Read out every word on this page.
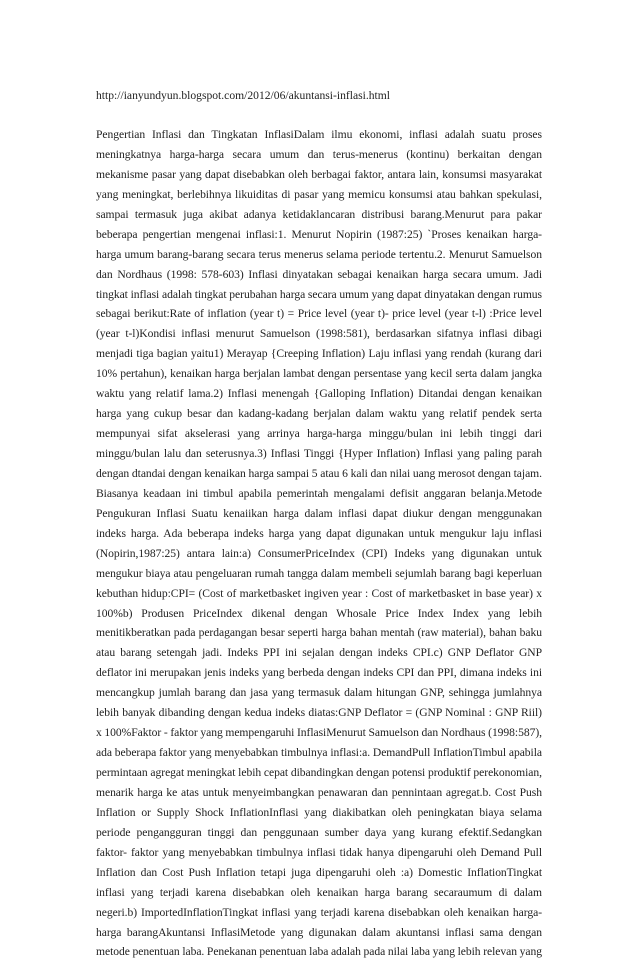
http://ianyundyun.blogspot.com/2012/06/akuntansi-inflasi.html
Pengertian Inflasi dan Tingkatan InflasiDalam ilmu ekonomi, inflasi adalah suatu proses meningkatnya harga-harga secara umum dan terus-menerus (kontinu) berkaitan dengan mekanisme pasar yang dapat disebabkan oleh berbagai faktor, antara lain, konsumsi masyarakat yang meningkat, berlebihnya likuiditas di pasar yang memicu konsumsi atau bahkan spekulasi, sampai termasuk juga akibat adanya ketidaklancaran distribusi barang.Menurut para pakar beberapa pengertian mengenai inflasi:1. Menurut Nopirin (1987:25) `Proses kenaikan harga-harga umum barang-barang secara terus menerus selama periode tertentu.2. Menurut Samuelson dan Nordhaus (1998: 578-603) Inflasi dinyatakan sebagai kenaikan harga secara umum. Jadi tingkat inflasi adalah tingkat perubahan harga secara umum yang dapat dinyatakan dengan rumus sebagai berikut:Rate of inflation (year t) = Price level (year t)- price level (year t-l) :Price level (year t-l)Kondisi inflasi menurut Samuelson (1998:581), berdasarkan sifatnya inflasi dibagi menjadi tiga bagian yaitu1) Merayap {Creeping Inflation) Laju inflasi yang rendah (kurang dari 10% pertahun), kenaikan harga berjalan lambat dengan persentase yang kecil serta dalam jangka waktu yang relatif lama.2) Inflasi menengah {Galloping Inflation) Ditandai dengan kenaikan harga yang cukup besar dan kadang-kadang berjalan dalam waktu yang relatif pendek serta mempunyai sifat akselerasi yang arrinya harga-harga minggu/bulan ini lebih tinggi dari minggu/bulan lalu dan seterusnya.3) Inflasi Tinggi {Hyper Inflation) Inflasi yang paling parah dengan dtandai dengan kenaikan harga sampai 5 atau 6 kali dan nilai uang merosot dengan tajam. Biasanya keadaan ini timbul apabila pemerintah mengalami defisit anggaran belanja.Metode Pengukuran Inflasi Suatu kenaiikan harga dalam inflasi dapat diukur dengan menggunakan indeks harga. Ada beberapa indeks harga yang dapat digunakan untuk mengukur laju inflasi (Nopirin,1987:25) antara lain:a) ConsumerPriceIndex (CPI) Indeks yang digunakan untuk mengukur biaya atau pengeluaran rumah tangga dalam membeli sejumlah barang bagi keperluan kebuthan hidup:CPI= (Cost of marketbasket ingiven year : Cost of marketbasket in base year) x 100%b) Produsen PriceIndex dikenal dengan Whosale Price Index Index yang lebih menitikberatkan pada perdagangan besar seperti harga bahan mentah (raw material), bahan baku atau barang setengah jadi. Indeks PPI ini sejalan dengan indeks CPI.c) GNP Deflator GNP deflator ini merupakan jenis indeks yang berbeda dengan indeks CPI dan PPI, dimana indeks ini mencangkup jumlah barang dan jasa yang termasuk dalam hitungan GNP, sehingga jumlahnya lebih banyak dibanding dengan kedua indeks diatas:GNP Deflator = (GNP Nominal : GNP Riil) x 100%Faktor - faktor yang mempengaruhi InflasiMenurut Samuelson dan Nordhaus (1998:587), ada beberapa faktor yang menyebabkan timbulnya inflasi:a. DemandPull InflationTimbul apabila permintaan agregat meningkat lebih cepat dibandingkan dengan potensi produktif perekonomian, menarik harga ke atas untuk menyeimbangkan penawaran dan pennintaan agregat.b. Cost Push Inflation or Supply Shock InflationInflasi yang diakibatkan oleh peningkatan biaya selama periode pengangguran tinggi dan penggunaan sumber daya yang kurang efektif.Sedangkan faktor- faktor yang menyebabkan timbulnya inflasi tidak hanya dipengaruhi oleh Demand Pull Inflation dan Cost Push Inflation tetapi juga dipengaruhi oleh :a) Domestic InflationTingkat inflasi yang terjadi karena disebabkan oleh kenaikan harga barang secaraumum di dalam negeri.b) ImportedInflationTingkat inflasi yang terjadi karena disebabkan oleh kenaikan harga-harga barangAkuntansi InflasiMetode yang digunakan dalam akuntansi inflasi sama dengan metode penentuan laba. Penekanan penentuan laba adalah pada nilai laba yang lebih relevan yang
